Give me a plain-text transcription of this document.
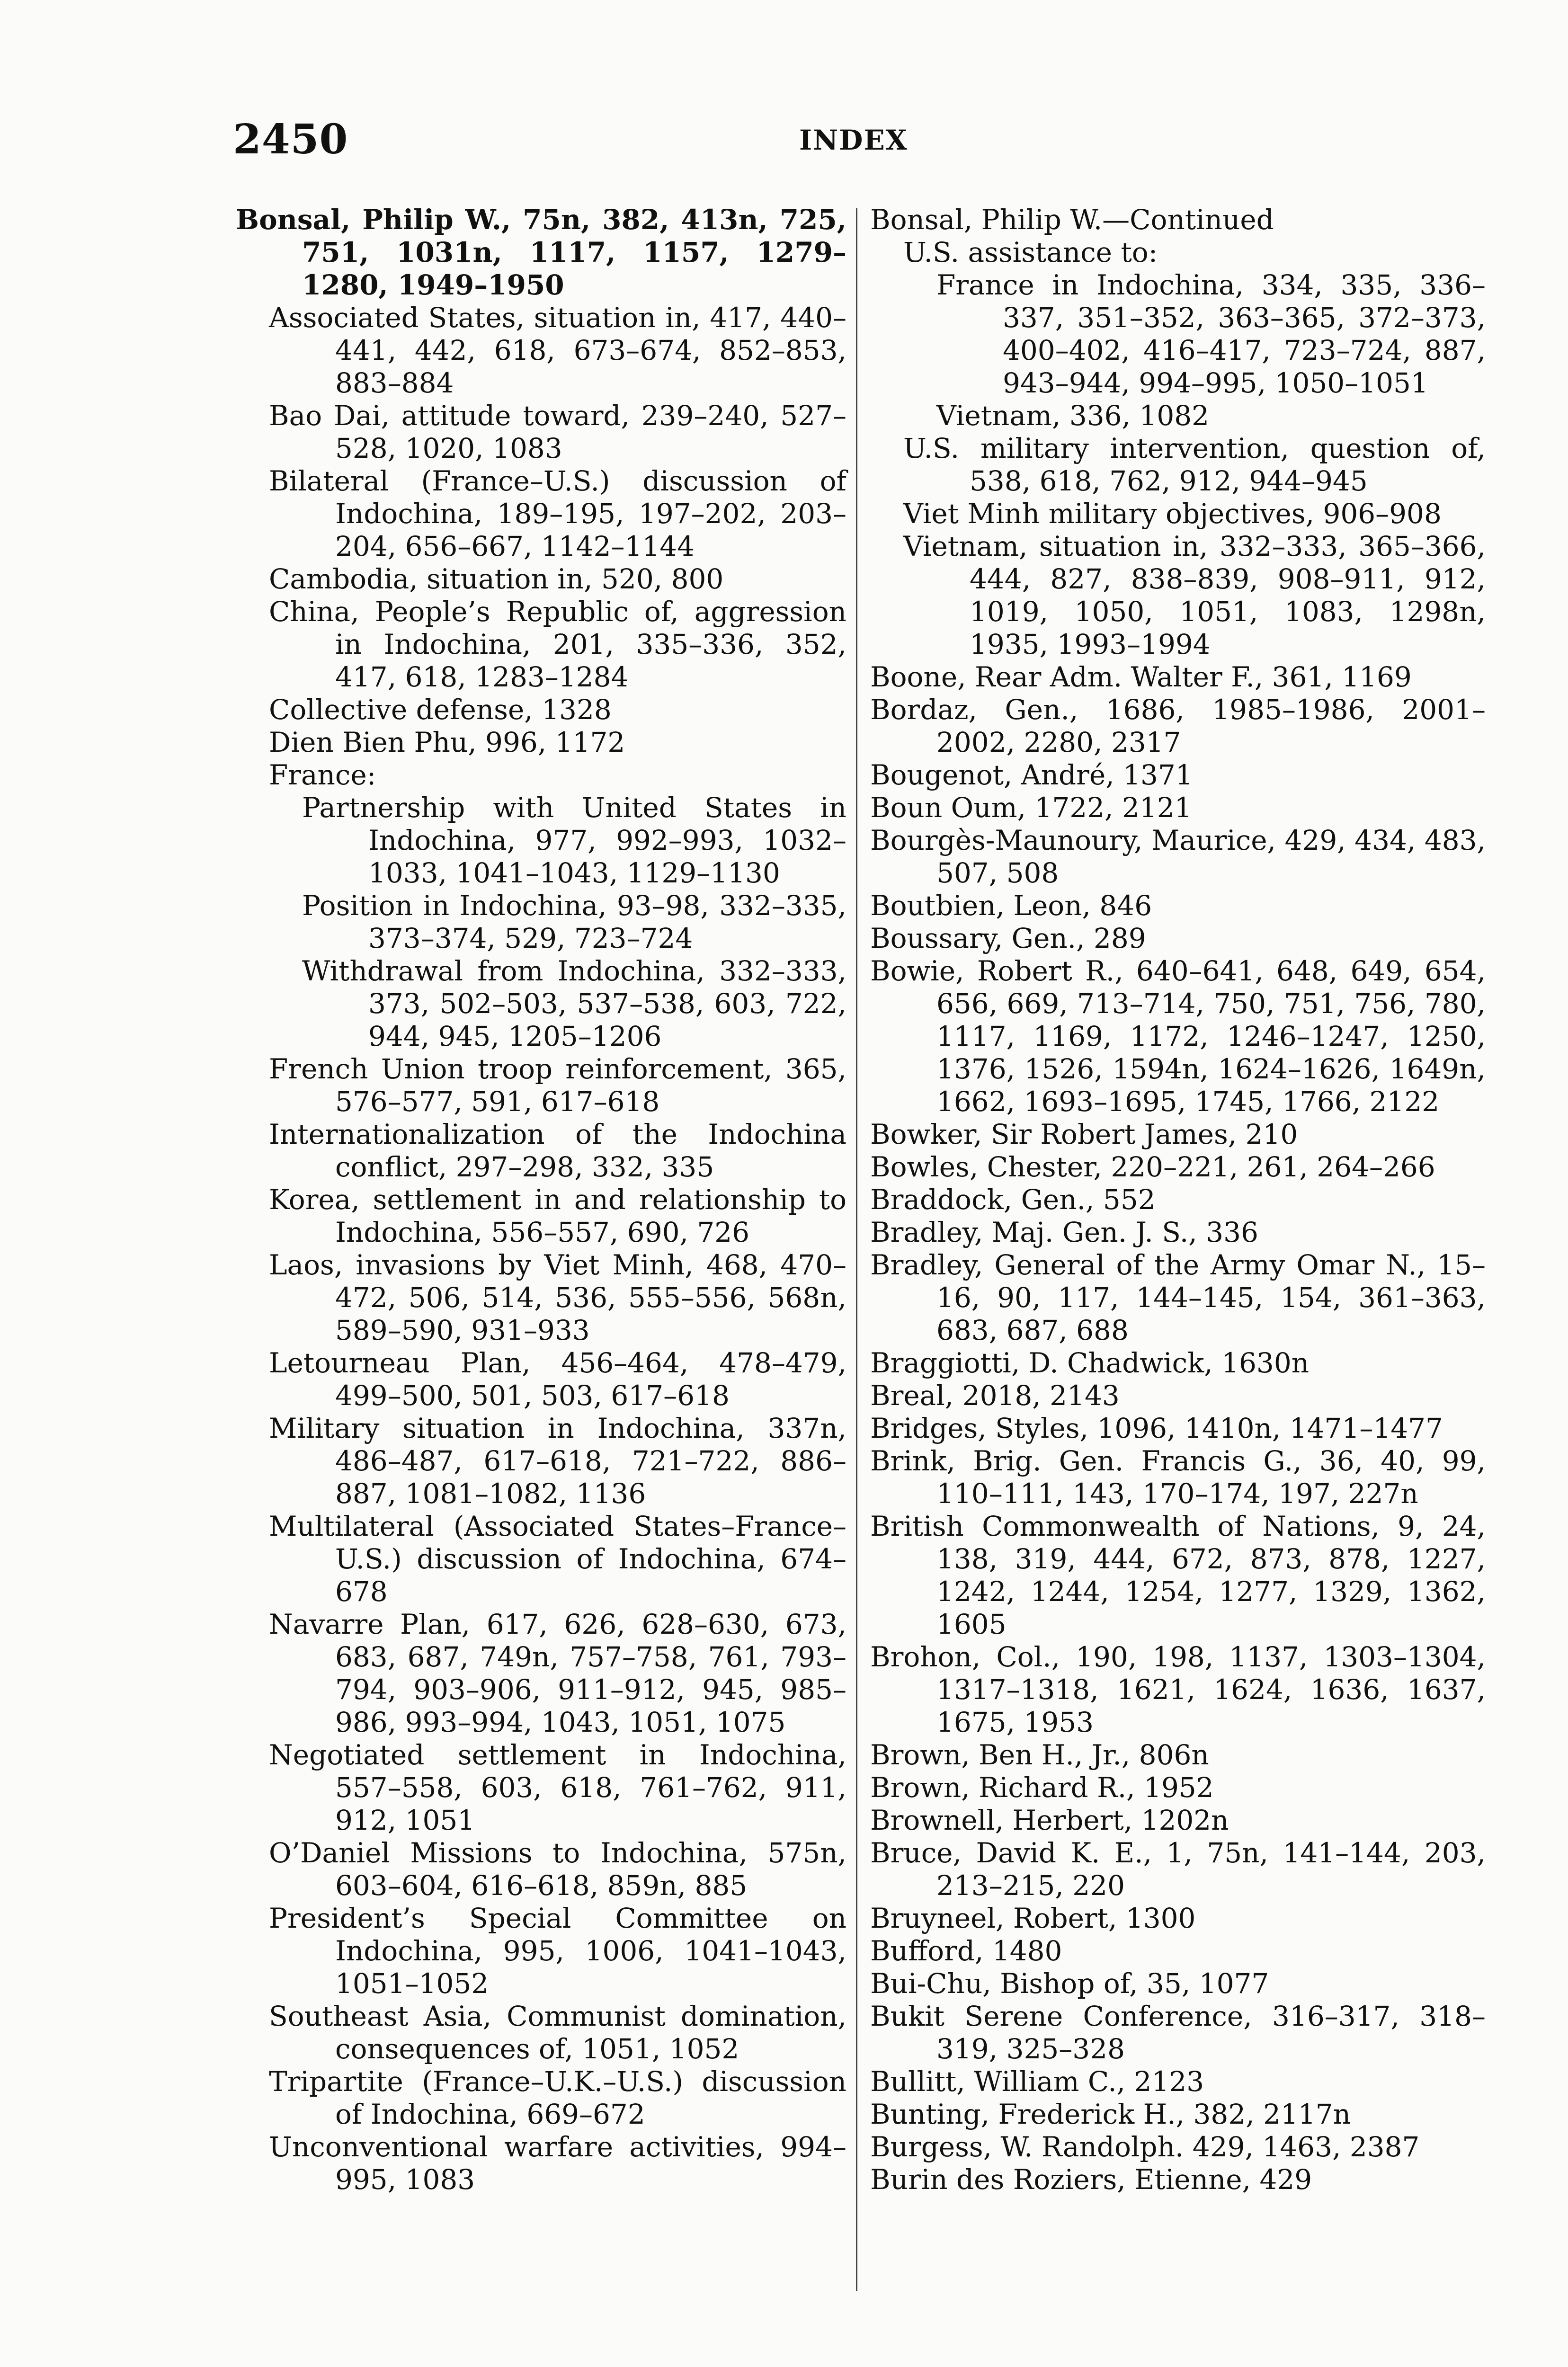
2450	INDEX

Bonsal, Philip W., 75n, 382, 413n, 725, 751, 1031n, 1117, 1157, 1279–1280, 1949–1950

Associated States, situation in, 417, 440–441, 442, 618, 673–674, 852–853, 883–884

Bao Dai, attitude toward, 239–240, 527–528, 1020, 1083

Bilateral (France–U.S.) discussion of Indochina, 189–195, 197–202, 203–204, 656–667, 1142–1144

Cambodia, situation in, 520, 800

China, People’s Republic of, aggression in Indochina, 201, 335–336, 352, 417, 618, 1283–1284

Collective defense, 1328

Dien Bien Phu, 996, 1172

France:

Partnership with United States in Indochina, 977, 992–993, 1032–1033, 1041–1043, 1129–1130

Position in Indochina, 93–98, 332–335, 373–374, 529, 723–724

Withdrawal from Indochina, 332–333, 373, 502–503, 537–538, 603, 722, 944, 945, 1205–1206

French Union troop reinforcement, 365, 576–577, 591, 617–618

Internationalization of the Indochina conflict, 297–298, 332, 335

Korea, settlement in and relationship to Indochina, 556–557, 690, 726

Laos, invasions by Viet Minh, 468, 470–472, 506, 514, 536, 555–556, 568n, 589–590, 931–933

Letourneau Plan, 456–464, 478–479, 499–500, 501, 503, 617–618

Military situation in Indochina, 337n, 486–487, 617–618, 721–722, 886–887, 1081–1082, 1136

Multilateral (Associated States–France–U.S.) discussion of Indochina, 674–678

Navarre Plan, 617, 626, 628–630, 673, 683, 687, 749n, 757–758, 761, 793–794, 903–906, 911–912, 945, 985–986, 993–994, 1043, 1051, 1075

Negotiated settlement in Indochina, 557–558, 603, 618, 761–762, 911, 912, 1051

O’Daniel Missions to Indochina, 575n, 603–604, 616–618, 859n, 885

President’s Special Committee on Indochina, 995, 1006, 1041–1043, 1051–1052

Southeast Asia, Communist domination, consequences of, 1051, 1052

Tripartite (France–U.K.–U.S.) discussion of Indochina, 669–672

Unconventional warfare activities, 994–995, 1083

Bonsal, Philip W.—Continued

U.S. assistance to:

France in Indochina, 334, 335, 336–337, 351–352, 363–365, 372–373, 400–402, 416–417, 723–724, 887, 943–944, 994–995, 1050–1051

Vietnam, 336, 1082

U.S. military intervention, question of, 538, 618, 762, 912, 944–945

Viet Minh military objectives, 906–908

Vietnam, situation in, 332–333, 365–366, 444, 827, 838–839, 908–911, 912, 1019, 1050, 1051, 1083, 1298n, 1935, 1993–1994

Boone, Rear Adm. Walter F., 361, 1169

Bordaz, Gen., 1686, 1985–1986, 2001–2002, 2280, 2317

Bougenot, André, 1371

Boun Oum, 1722, 2121

Bourgès-Maunoury, Maurice, 429, 434, 483, 507, 508

Boutbien, Leon, 846

Boussary, Gen., 289

Bowie, Robert R., 640–641, 648, 649, 654, 656, 669, 713–714, 750, 751, 756, 780, 1117, 1169, 1172, 1246–1247, 1250, 1376, 1526, 1594n, 1624–1626, 1649n, 1662, 1693–1695, 1745, 1766, 2122

Bowker, Sir Robert James, 210

Bowles, Chester, 220–221, 261, 264–266

Braddock, Gen., 552

Bradley, Maj. Gen. J. S., 336

Bradley, General of the Army Omar N., 15–16, 90, 117, 144–145, 154, 361–363, 683, 687, 688

Braggiotti, D. Chadwick, 1630n

Breal, 2018, 2143

Bridges, Styles, 1096, 1410n, 1471–1477

Brink, Brig. Gen. Francis G., 36, 40, 99, 110–111, 143, 170–174, 197, 227n

British Commonwealth of Nations, 9, 24, 138, 319, 444, 672, 873, 878, 1227, 1242, 1244, 1254, 1277, 1329, 1362, 1605

Brohon, Col., 190, 198, 1137, 1303–1304, 1317–1318, 1621, 1624, 1636, 1637, 1675, 1953

Brown, Ben H., Jr., 806n

Brown, Richard R., 1952

Brownell, Herbert, 1202n

Bruce, David K. E., 1, 75n, 141–144, 203, 213–215, 220

Bruyneel, Robert, 1300

Bufford, 1480

Bui-Chu, Bishop of, 35, 1077

Bukit Serene Conference, 316–317, 318–319, 325–328

Bullitt, William C., 2123

Bunting, Frederick H., 382, 2117n

Burgess, W. Randolph. 429, 1463, 2387

Burin des Roziers, Etienne, 429
